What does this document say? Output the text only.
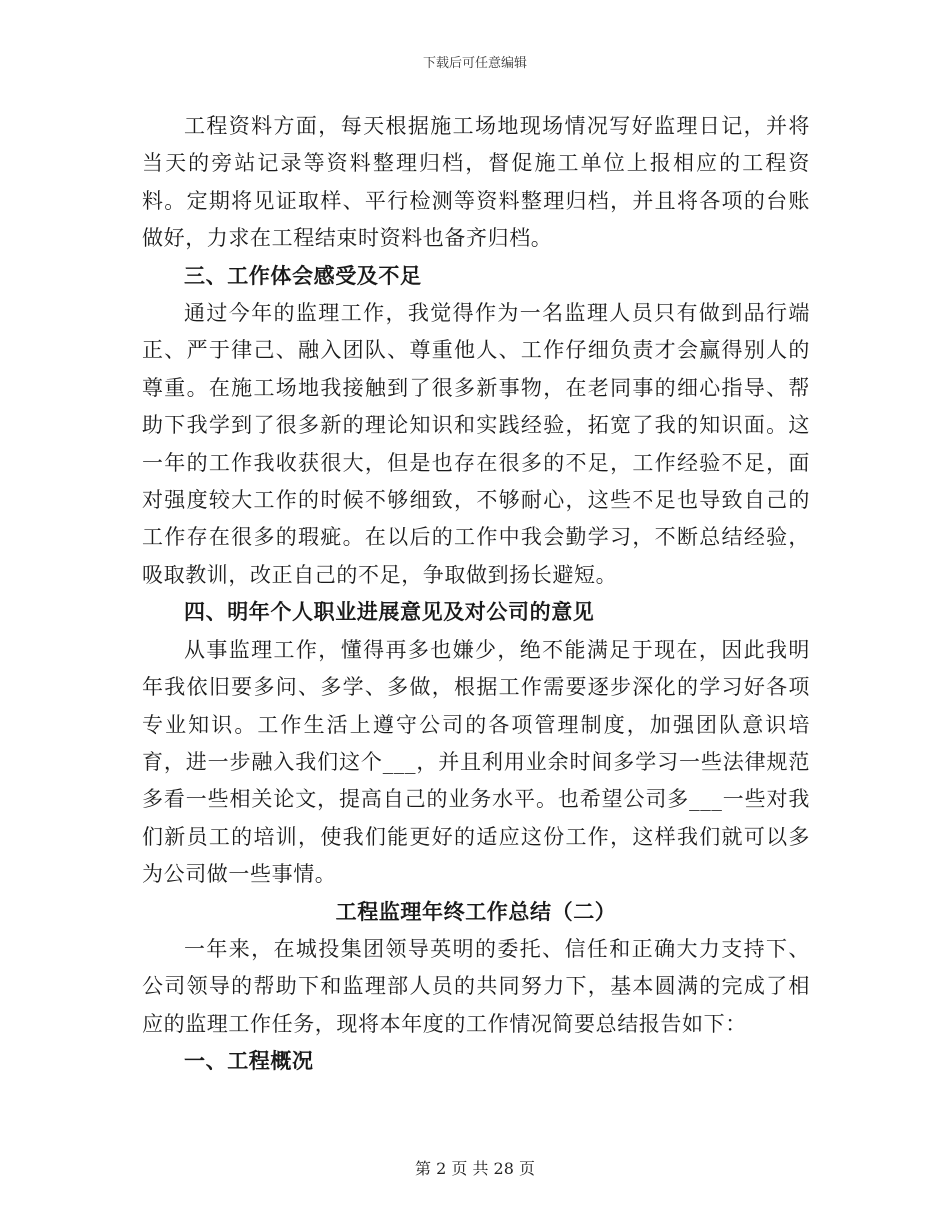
下载后可任意编辑

工程资料方面，每天根据施工场地现场情况写好监理日记，并将当天的旁站记录等资料整理归档，督促施工单位上报相应的工程资料。定期将见证取样、平行检测等资料整理归档，并且将各项的台账做好，力求在工程结束时资料也备齐归档。

三、工作体会感受及不足

通过今年的监理工作，我觉得作为一名监理人员只有做到品行端正、严于律己、融入团队、尊重他人、工作仔细负责才会赢得别人的尊重。在施工场地我接触到了很多新事物，在老同事的细心指导、帮助下我学到了很多新的理论知识和实践经验，拓宽了我的知识面。这一年的工作我收获很大，但是也存在很多的不足，工作经验不足，面对强度较大工作的时候不够细致，不够耐心，这些不足也导致自己的工作存在很多的瑕疵。在以后的工作中我会勤学习，不断总结经验，吸取教训，改正自己的不足，争取做到扬长避短。

四、明年个人职业进展意见及对公司的意见

从事监理工作，懂得再多也嫌少，绝不能满足于现在，因此我明年我依旧要多问、多学、多做，根据工作需要逐步深化的学习好各项专业知识。工作生活上遵守公司的各项管理制度，加强团队意识培育，进一步融入我们这个___，并且利用业余时间多学习一些法律规范多看一些相关论文，提高自己的业务水平。也希望公司多___一些对我们新员工的培训，使我们能更好的适应这份工作，这样我们就可以多为公司做一些事情。

工程监理年终工作总结（二）

一年来，在城投集团领导英明的委托、信任和正确大力支持下、公司领导的帮助下和监理部人员的共同努力下，基本圆满的完成了相应的监理工作任务，现将本年度的工作情况简要总结报告如下：

一、工程概况

第 2 页 共 28 页
